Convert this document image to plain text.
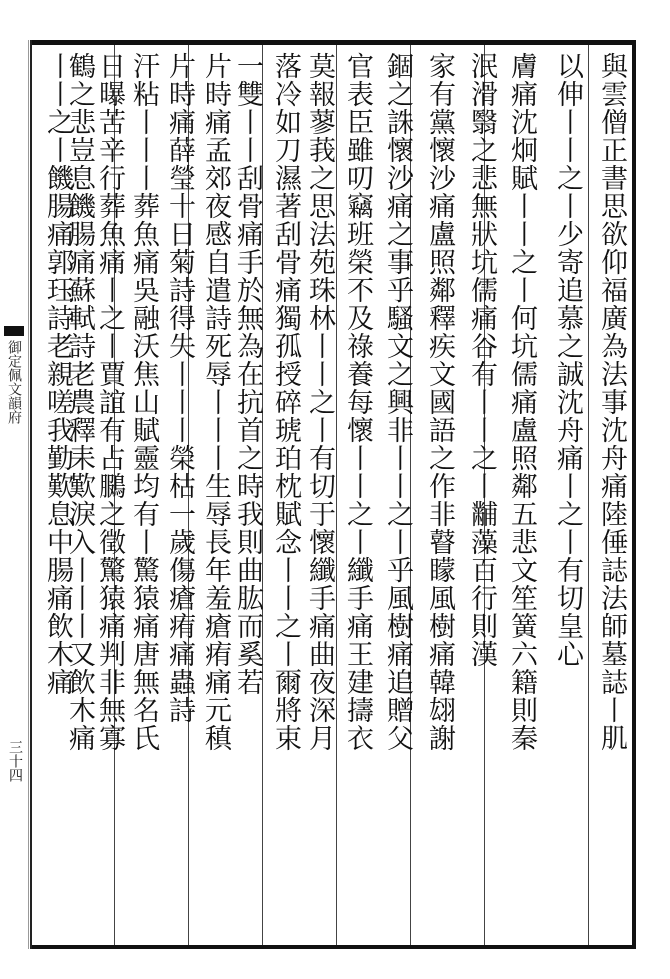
御定佩文韻府
三十四
與雲僧正書思欲仰福廣為法事沈舟痛陸倕誌法師墓誌丨肌
以伸丨丨之丨少寄追慕之誠沈舟痛丨之丨有切皇心
膚痛沈炯賦丨丨之丨何坑儒痛盧照鄰五悲文笙簧六籍則秦
泯滑翳之悲無狀坑儒痛谷有丨丨之丨黼藻百行則漢
家有黨懷沙痛盧照鄰釋疾文國語之作非瞽矇風樹痛韓翃謝
錮之誅懷沙痛之事乎騷文之興非丨丨之丨乎風樹痛追贈父
官表臣雖叨竊班榮不及祿養每懷丨丨之丨纖手痛王建擣衣
莫報蓼莪之思法苑珠林丨丨之丨有切于懷纖手痛曲夜深月
落冷如刀濕著刮骨痛獨孤授碎琥珀枕賦念丨丨之丨爾將束
一雙丨丨刮骨痛手於無為在抗首之時我則曲肱而奚若
片時痛孟郊夜感自遣詩死辱丨丨丨生辱長年羞瘡痏痛元稹
片時痛薛瑩十日菊詩得失丨丨丨榮枯一歲傷瘡痏痛蟲詩
汗粘丨丨丨葬魚痛吳融沃焦山賦靈均有丨驚猿痛唐無名氏
日曝苦辛行葬魚痛丨之丨賈誼有占鵩之徵驚猿痛判非無寡
鶴之悲豈息饑腸痛蘇軾詩老農釋耒歎淚入丨丨丨又飲木痛
丨丨之丨饑腸痛郭珏詩老親嗟我勤歎息中腸痛飲木痛
